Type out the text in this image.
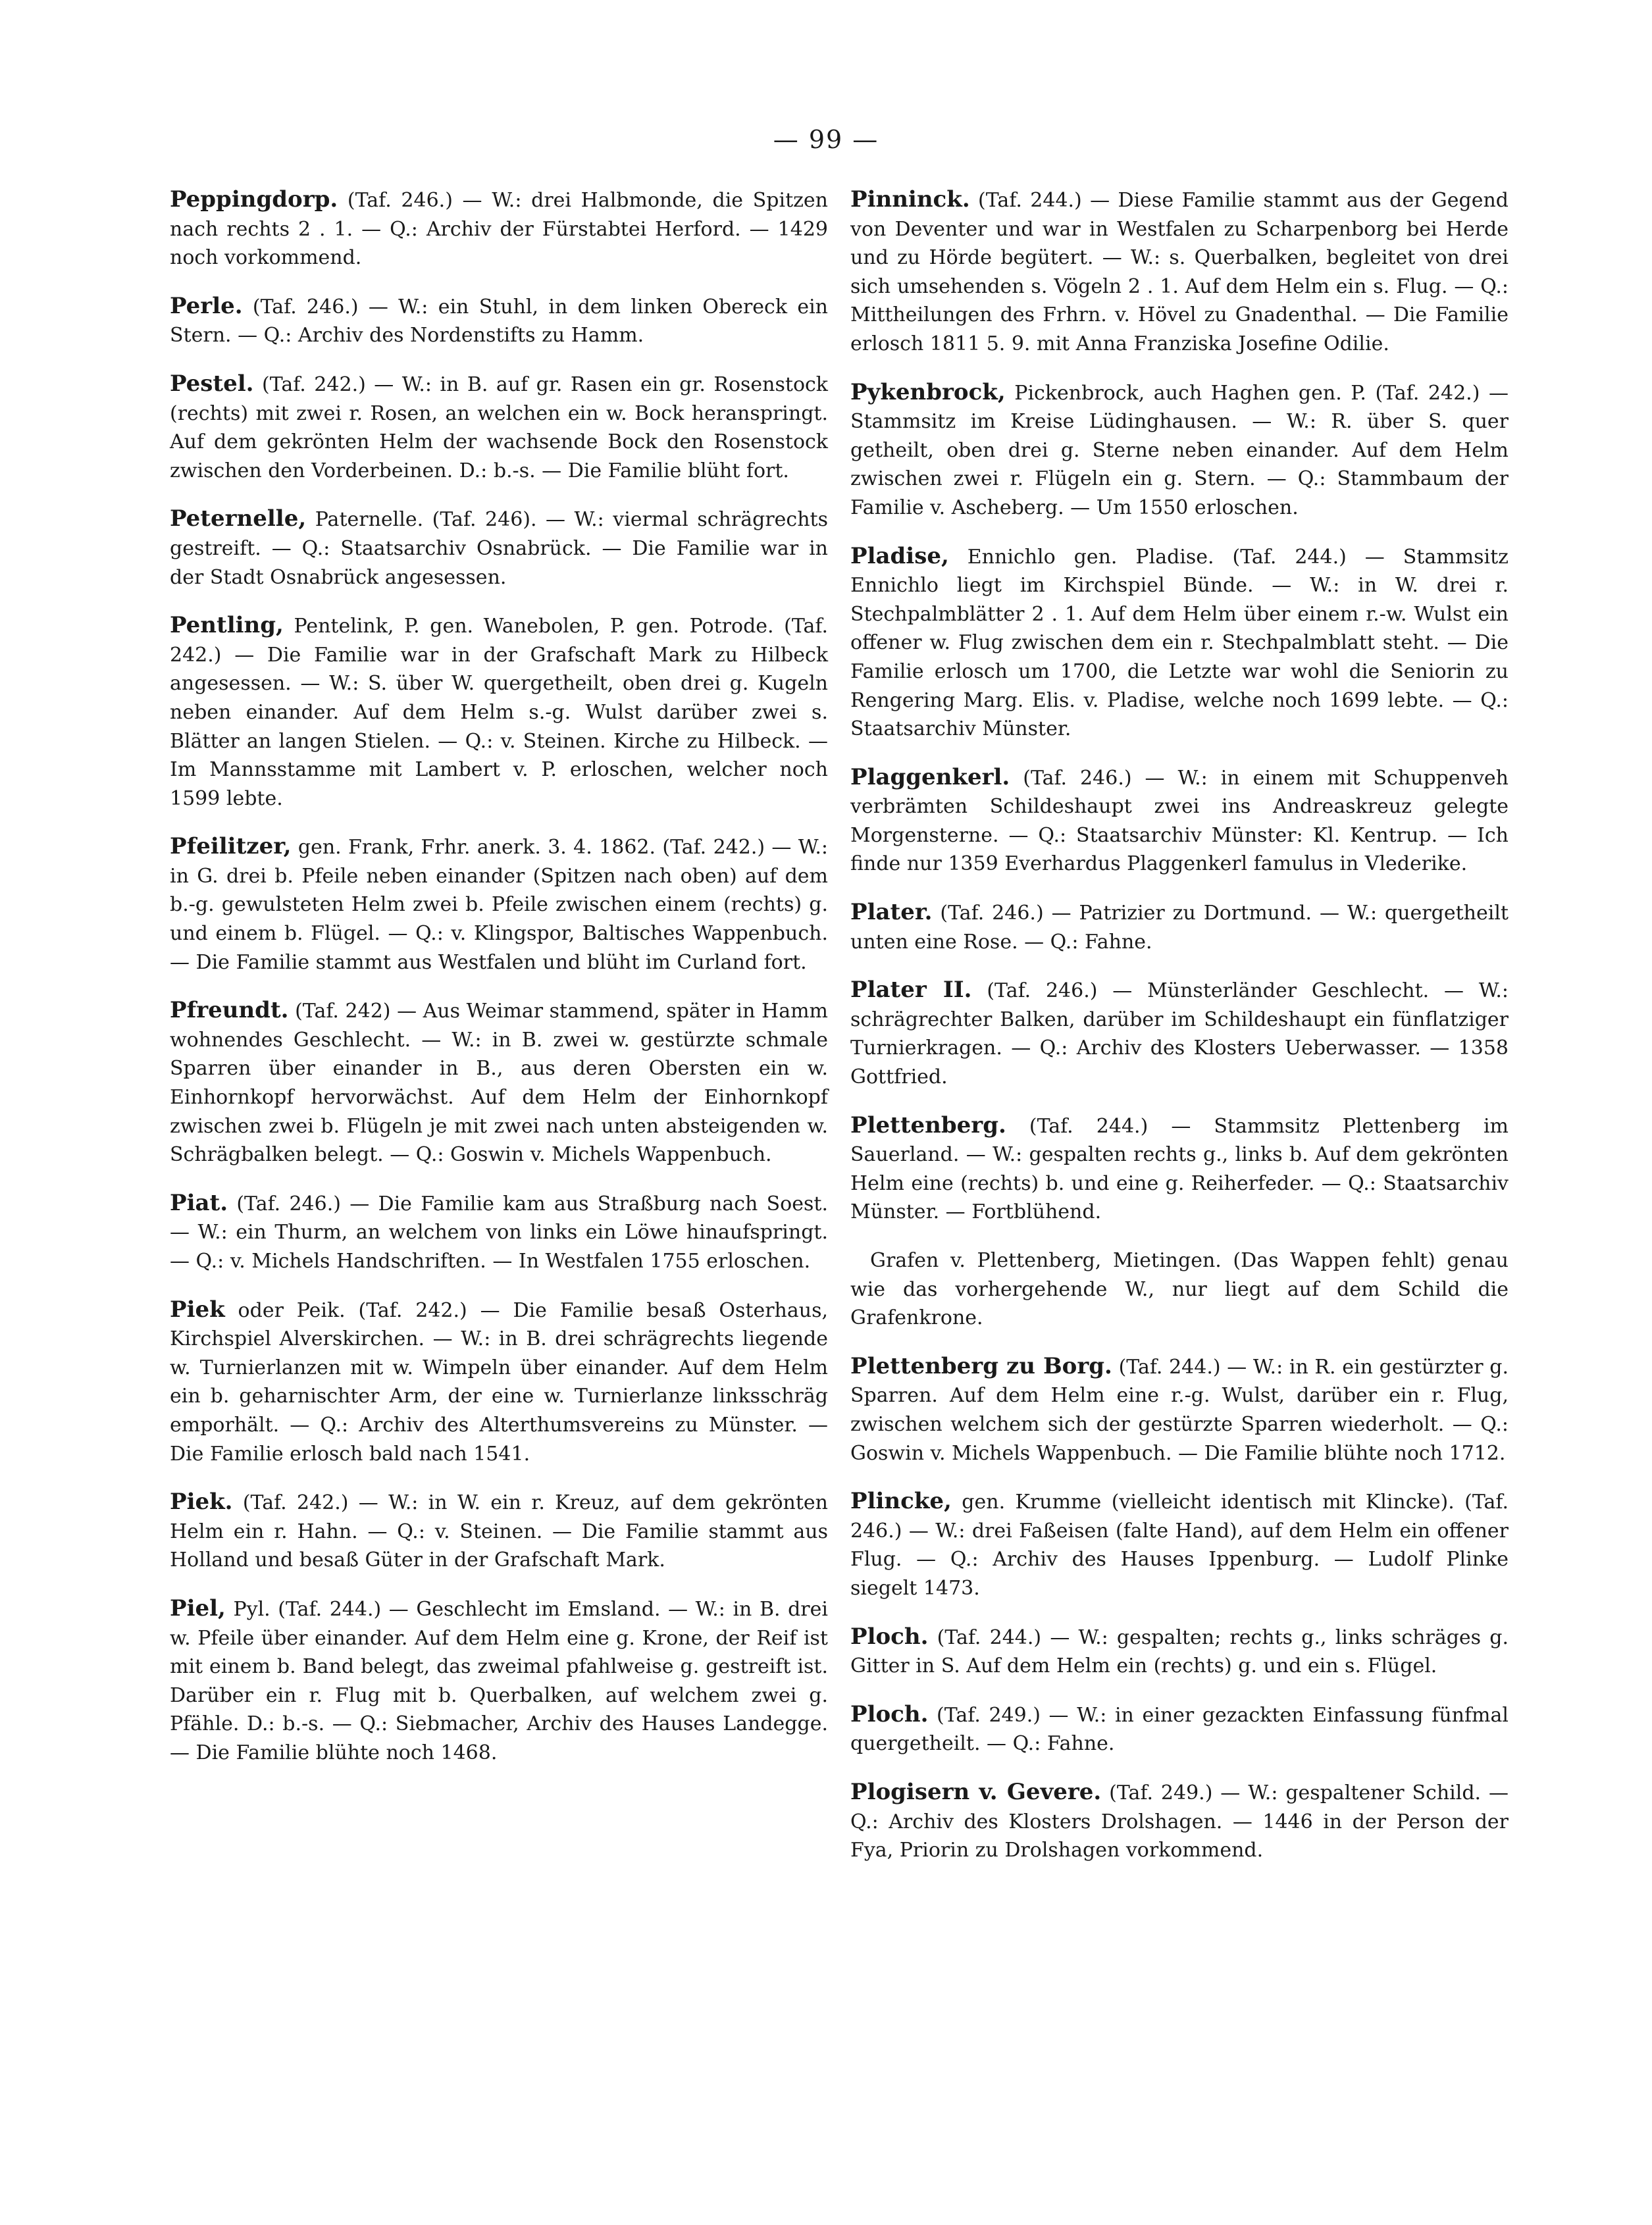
— 99 —

Peppingdorp. (Taf. 246.) — W.: drei Halbmonde, die Spitzen nach rechts 2 . 1. — Q.: Archiv der Fürstabtei Herford. — 1429 noch vorkommend.

Perle. (Taf. 246.) — W.: ein Stuhl, in dem linken Obereck ein Stern. — Q.: Archiv des Nordenstifts zu Hamm.

Pestel. (Taf. 242.) — W.: in B. auf gr. Rasen ein gr. Rosenstock (rechts) mit zwei r. Rosen, an welchen ein w. Bock heranspringt. Auf dem gekrönten Helm der wachsende Bock den Rosenstock zwischen den Vorderbeinen. D.: b.-s. — Die Familie blüht fort.

Peternelle, Paternelle. (Taf. 246). — W.: viermal schrägrechts gestreift. — Q.: Staatsarchiv Osnabrück. — Die Familie war in der Stadt Osnabrück angesessen.

Pentling, Pentelink, P. gen. Wanebolen, P. gen. Potrode. (Taf. 242.) — Die Familie war in der Grafschaft Mark zu Hilbeck angesessen. — W.: S. über W. quergetheilt, oben drei g. Kugeln neben einander. Auf dem Helm s.-g. Wulst darüber zwei s. Blätter an langen Stielen. — Q.: v. Steinen. Kirche zu Hilbeck. — Im Mannsstamme mit Lambert v. P. erloschen, welcher noch 1599 lebte.

Pfeilitzer, gen. Frank, Frhr. anerk. 3. 4. 1862. (Taf. 242.) — W.: in G. drei b. Pfeile neben einander (Spitzen nach oben) auf dem b.-g. gewulsteten Helm zwei b. Pfeile zwischen einem (rechts) g. und einem b. Flügel. — Q.: v. Klingspor, Baltisches Wappenbuch. — Die Familie stammt aus Westfalen und blüht im Curland fort.

Pfreundt. (Taf. 242) — Aus Weimar stammend, später in Hamm wohnendes Geschlecht. — W.: in B. zwei w. gestürzte schmale Sparren über einander in B., aus deren Obersten ein w. Einhornkopf hervorwächst. Auf dem Helm der Einhornkopf zwischen zwei b. Flügeln je mit zwei nach unten absteigenden w. Schrägbalken belegt. — Q.: Goswin v. Michels Wappenbuch.

Piat. (Taf. 246.) — Die Familie kam aus Straßburg nach Soest. — W.: ein Thurm, an welchem von links ein Löwe hinaufspringt. — Q.: v. Michels Handschriften. — In Westfalen 1755 erloschen.

Piek oder Peik. (Taf. 242.) — Die Familie besaß Osterhaus, Kirchspiel Alverskirchen. — W.: in B. drei schrägrechts liegende w. Turnierlanzen mit w. Wimpeln über einander. Auf dem Helm ein b. geharnischter Arm, der eine w. Turnierlanze linksschräg emporhält. — Q.: Archiv des Alterthumsvereins zu Münster. — Die Familie erlosch bald nach 1541.

Piek. (Taf. 242.) — W.: in W. ein r. Kreuz, auf dem gekrönten Helm ein r. Hahn. — Q.: v. Steinen. — Die Familie stammt aus Holland und besaß Güter in der Grafschaft Mark.

Piel, Pyl. (Taf. 244.) — Geschlecht im Emsland. — W.: in B. drei w. Pfeile über einander. Auf dem Helm eine g. Krone, der Reif ist mit einem b. Band belegt, das zweimal pfahlweise g. gestreift ist. Darüber ein r. Flug mit b. Querbalken, auf welchem zwei g. Pfähle. D.: b.-s. — Q.: Siebmacher, Archiv des Hauses Landegge. — Die Familie blühte noch 1468.

Pinninck. (Taf. 244.) — Diese Familie stammt aus der Gegend von Deventer und war in Westfalen zu Scharpenborg bei Herde und zu Hörde begütert. — W.: s. Querbalken, begleitet von drei sich umsehenden s. Vögeln 2 . 1. Auf dem Helm ein s. Flug. — Q.: Mittheilungen des Frhrn. v. Hövel zu Gnadenthal. — Die Familie erlosch 1811 5. 9. mit Anna Franziska Josefine Odilie.

Pykenbrock, Pickenbrock, auch Haghen gen. P. (Taf. 242.) — Stammsitz im Kreise Lüdinghausen. — W.: R. über S. quer getheilt, oben drei g. Sterne neben einander. Auf dem Helm zwischen zwei r. Flügeln ein g. Stern. — Q.: Stammbaum der Familie v. Ascheberg. — Um 1550 erloschen.

Pladise, Ennichlo gen. Pladise. (Taf. 244.) — Stammsitz Ennichlo liegt im Kirchspiel Bünde. — W.: in W. drei r. Stechpalmblätter 2 . 1. Auf dem Helm über einem r.-w. Wulst ein offener w. Flug zwischen dem ein r. Stechpalmblatt steht. — Die Familie erlosch um 1700, die Letzte war wohl die Seniorin zu Rengering Marg. Elis. v. Pladise, welche noch 1699 lebte. — Q.: Staatsarchiv Münster.

Plaggenkerl. (Taf. 246.) — W.: in einem mit Schuppenveh verbrämten Schildeshaupt zwei ins Andreaskreuz gelegte Morgensterne. — Q.: Staatsarchiv Münster: Kl. Kentrup. — Ich finde nur 1359 Everhardus Plaggenkerl famulus in Vlederike.

Plater. (Taf. 246.) — Patrizier zu Dortmund. — W.: quergetheilt unten eine Rose. — Q.: Fahne.

Plater II. (Taf. 246.) — Münsterländer Geschlecht. — W.: schrägrechter Balken, darüber im Schildeshaupt ein fünflatziger Turnierkragen. — Q.: Archiv des Klosters Ueberwasser. — 1358 Gottfried.

Plettenberg. (Taf. 244.) — Stammsitz Plettenberg im Sauerland. — W.: gespalten rechts g., links b. Auf dem gekrönten Helm eine (rechts) b. und eine g. Reiherfeder. — Q.: Staatsarchiv Münster. — Fortblühend.

Grafen v. Plettenberg, Mietingen. (Das Wappen fehlt) genau wie das vorhergehende W., nur liegt auf dem Schild die Grafenkrone.

Plettenberg zu Borg. (Taf. 244.) — W.: in R. ein gestürzter g. Sparren. Auf dem Helm eine r.-g. Wulst, darüber ein r. Flug, zwischen welchem sich der gestürzte Sparren wiederholt. — Q.: Goswin v. Michels Wappenbuch. — Die Familie blühte noch 1712.

Plincke, gen. Krumme (vielleicht identisch mit Klincke). (Taf. 246.) — W.: drei Faßeisen (falte Hand), auf dem Helm ein offener Flug. — Q.: Archiv des Hauses Ippenburg. — Ludolf Plinke siegelt 1473.

Ploch. (Taf. 244.) — W.: gespalten; rechts g., links schräges g. Gitter in S. Auf dem Helm ein (rechts) g. und ein s. Flügel.

Ploch. (Taf. 249.) — W.: in einer gezackten Einfassung fünfmal quergetheilt. — Q.: Fahne.

Plogisern v. Gevere. (Taf. 249.) — W.: gespaltener Schild. — Q.: Archiv des Klosters Drolshagen. — 1446 in der Person der Fya, Priorin zu Drolshagen vorkommend.
